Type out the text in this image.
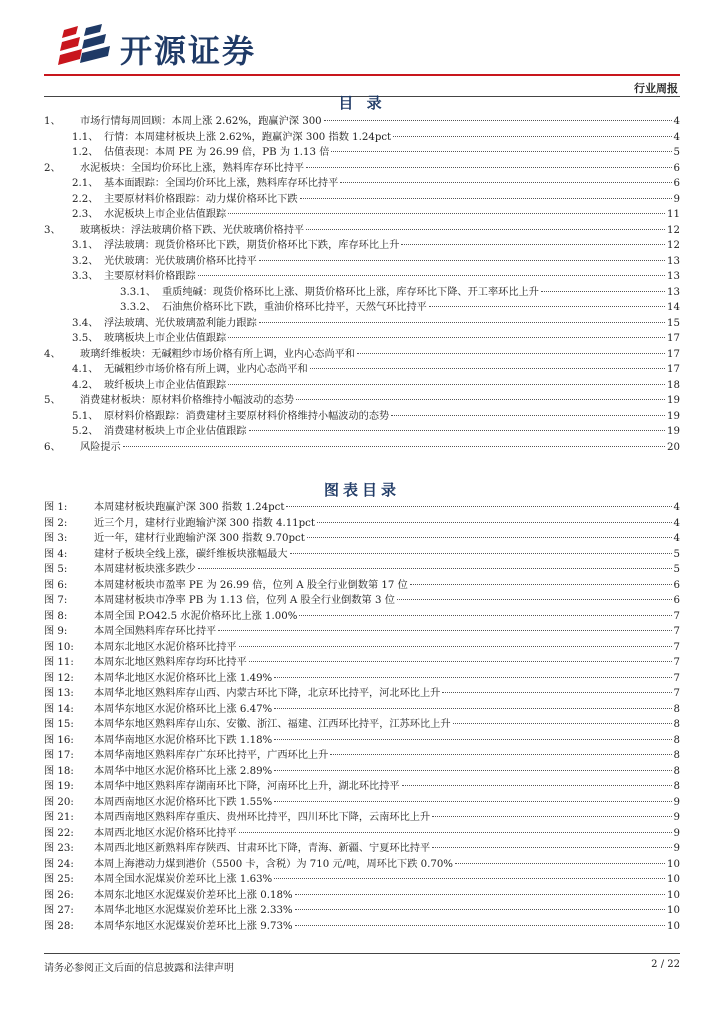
开源证券
行业周报
目 录
1、	市场行情每周回顾：本周上涨 2.62%，跑赢沪深 300	4
1.1、 行情：本周建材板块上涨 2.62%，跑赢沪深 300 指数 1.24pct	4
1.2、 估值表现：本周 PE 为 26.99 倍，PB 为 1.13 倍	5
2、	水泥板块：全国均价环比上涨，熟料库存环比持平	6
2.1、 基本面跟踪：全国均价环比上涨，熟料库存环比持平	6
2.2、 主要原材料价格跟踪：动力煤价格环比下跌	9
2.3、 水泥板块上市企业估值跟踪	11
3、	玻璃板块：浮法玻璃价格下跌、光伏玻璃价格持平	12
3.1、 浮法玻璃：现货价格环比下跌，期货价格环比下跌，库存环比上升	12
3.2、 光伏玻璃：光伏玻璃价格环比持平	13
3.3、 主要原材料价格跟踪	13
3.3.1、 重质纯碱：现货价格环比上涨、期货价格环比上涨，库存环比下降、开工率环比上升	13
3.3.2、 石油焦价格环比下跌，重油价格环比持平，天然气环比持平	14
3.4、 浮法玻璃、光伏玻璃盈利能力跟踪	15
3.5、 玻璃板块上市企业估值跟踪	17
4、	玻璃纤维板块：无碱粗纱市场价格有所上调，业内心态尚平和	17
4.1、 无碱粗纱市场价格有所上调，业内心态尚平和	17
4.2、 玻纤板块上市企业估值跟踪	18
5、	消费建材板块：原材料价格维持小幅波动的态势	19
5.1、 原材料价格跟踪：消费建材主要原材料价格维持小幅波动的态势	19
5.2、 消费建材板块上市企业估值跟踪	19
6、	风险提示	20
图表目录
图 1:	本周建材板块跑赢沪深 300 指数 1.24pct	4
图 2:	近三个月，建材行业跑输沪深 300 指数 4.11pct	4
图 3:	近一年，建材行业跑输沪深 300 指数 9.70pct	4
图 4:	建材子板块全线上涨，碳纤维板块涨幅最大	5
图 5:	本周建材板块涨多跌少	5
图 6:	本周建材板块市盈率 PE 为 26.99 倍，位列 A 股全行业倒数第 17 位	6
图 7:	本周建材板块市净率 PB 为 1.13 倍，位列 A 股全行业倒数第 3 位	6
图 8:	本周全国 P.O42.5 水泥价格环比上涨 1.00%	7
图 9:	本周全国熟料库存环比持平	7
图 10:	本周东北地区水泥价格环比持平	7
图 11:	本周东北地区熟料库存均环比持平	7
图 12:	本周华北地区水泥价格环比上涨 1.49%	7
图 13:	本周华北地区熟料库存山西、内蒙古环比下降，北京环比持平，河北环比上升	7
图 14:	本周华东地区水泥价格环比上涨 6.47%	8
图 15:	本周华东地区熟料库存山东、安徽、浙江、福建、江西环比持平，江苏环比上升	8
图 16:	本周华南地区水泥价格环比下跌 1.18%	8
图 17:	本周华南地区熟料库存广东环比持平，广西环比上升	8
图 18:	本周华中地区水泥价格环比上涨 2.89%	8
图 19:	本周华中地区熟料库存湖南环比下降，河南环比上升，湖北环比持平	8
图 20:	本周西南地区水泥价格环比下跌 1.55%	9
图 21:	本周西南地区熟料库存重庆、贵州环比持平，四川环比下降，云南环比上升	9
图 22:	本周西北地区水泥价格环比持平	9
图 23:	本周西北地区新熟料库存陕西、甘肃环比下降，青海、新疆、宁夏环比持平	9
图 24:	本周上海港动力煤到港价（5500 卡，含税）为 710 元/吨，周环比下跌 0.70%	10
图 25:	本周全国水泥煤炭价差环比上涨 1.63%	10
图 26:	本周东北地区水泥煤炭价差环比上涨 0.18%	10
图 27:	本周华北地区水泥煤炭价差环比上涨 2.33%	10
图 28:	本周华东地区水泥煤炭价差环比上涨 9.73%	10
请务必参阅正文后面的信息披露和法律声明	2 / 22
